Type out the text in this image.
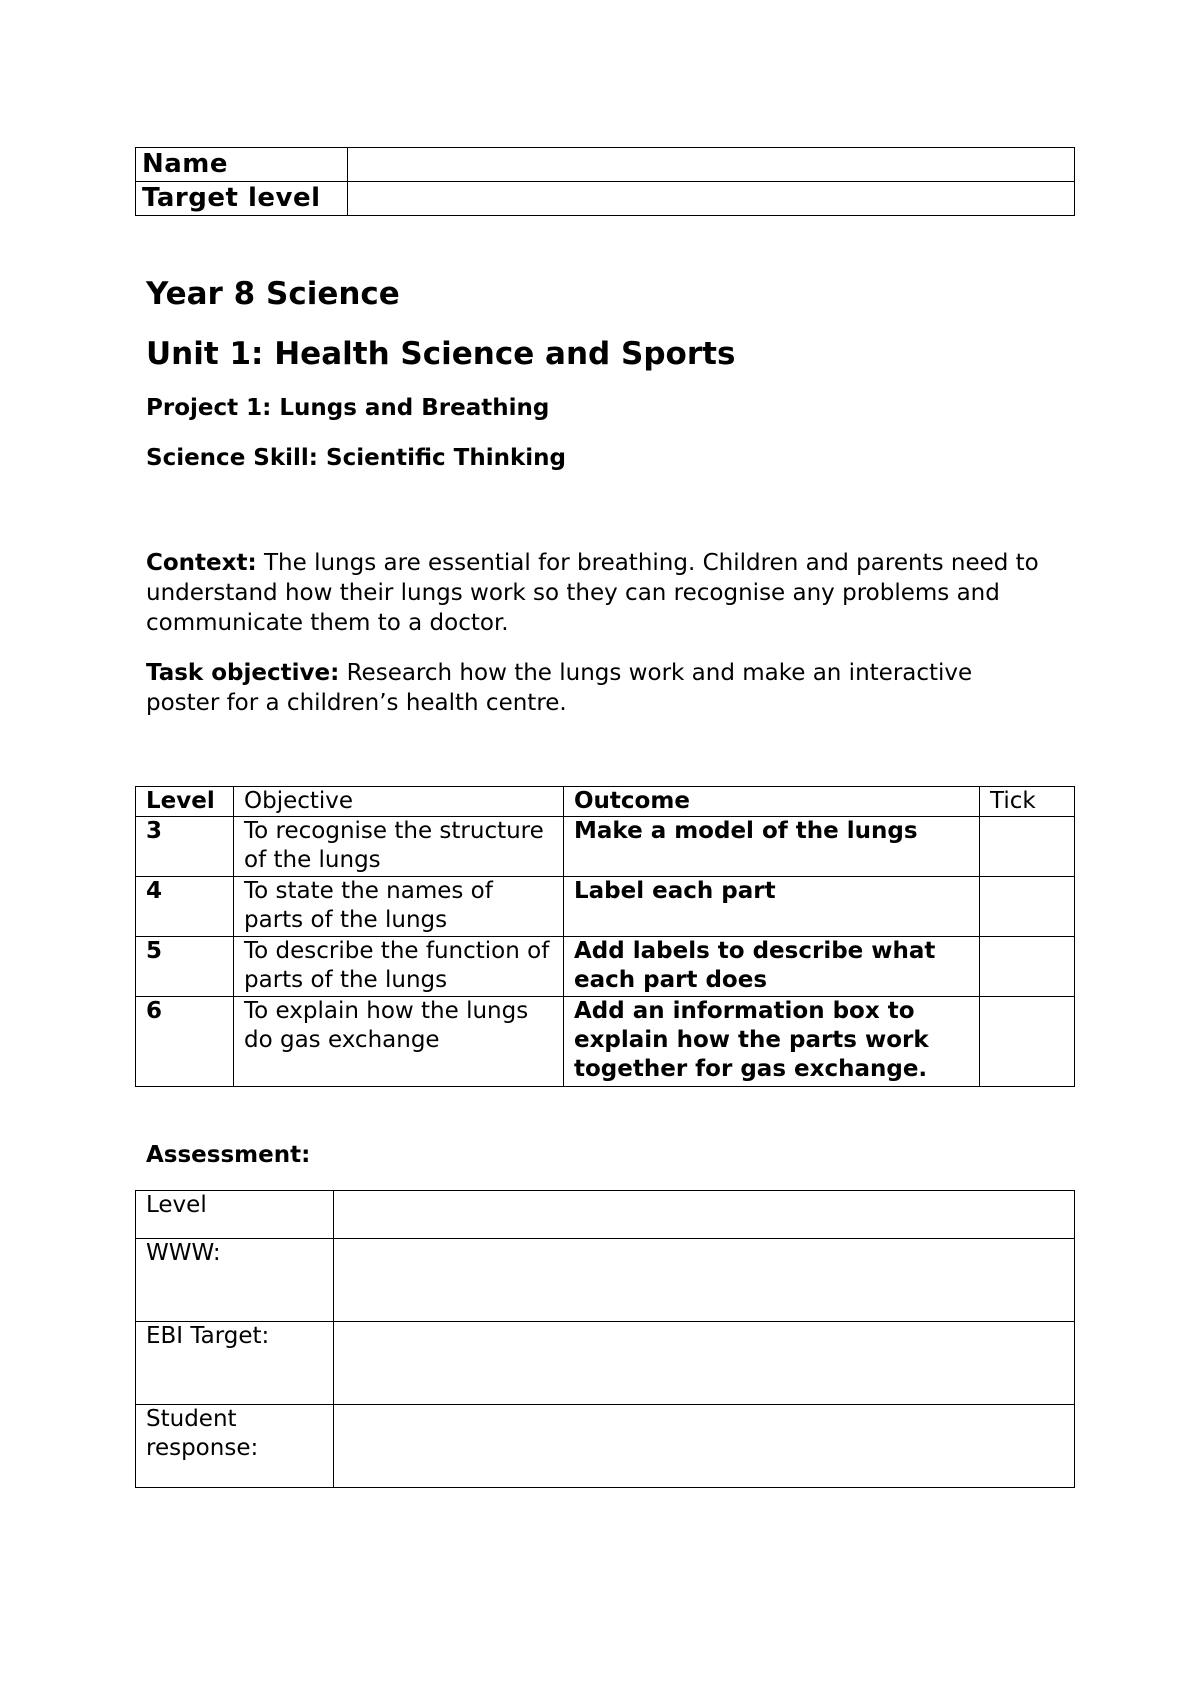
Name	
Target level	
Year 8 Science
Unit 1: Health Science and Sports
Project 1: Lungs and Breathing
Science Skill: Scientific Thinking
Context: The lungs are essential for breathing. Children and parents need to understand how their lungs work so they can recognise any problems and communicate them to a doctor.
Task objective: Research how the lungs work and make an interactive poster for a children’s health centre.
Level	Objective	Outcome	Tick
3	To recognise the structure of the lungs	Make a model of the lungs	
4	To state the names of parts of the lungs	Label each part	
5	To describe the function of parts of the lungs	Add labels to describe what each part does	
6	To explain how the lungs do gas exchange	Add an information box to explain how the parts work together for gas exchange.	
Assessment:
Level	
WWW:	
EBI Target:	
Student response:	
